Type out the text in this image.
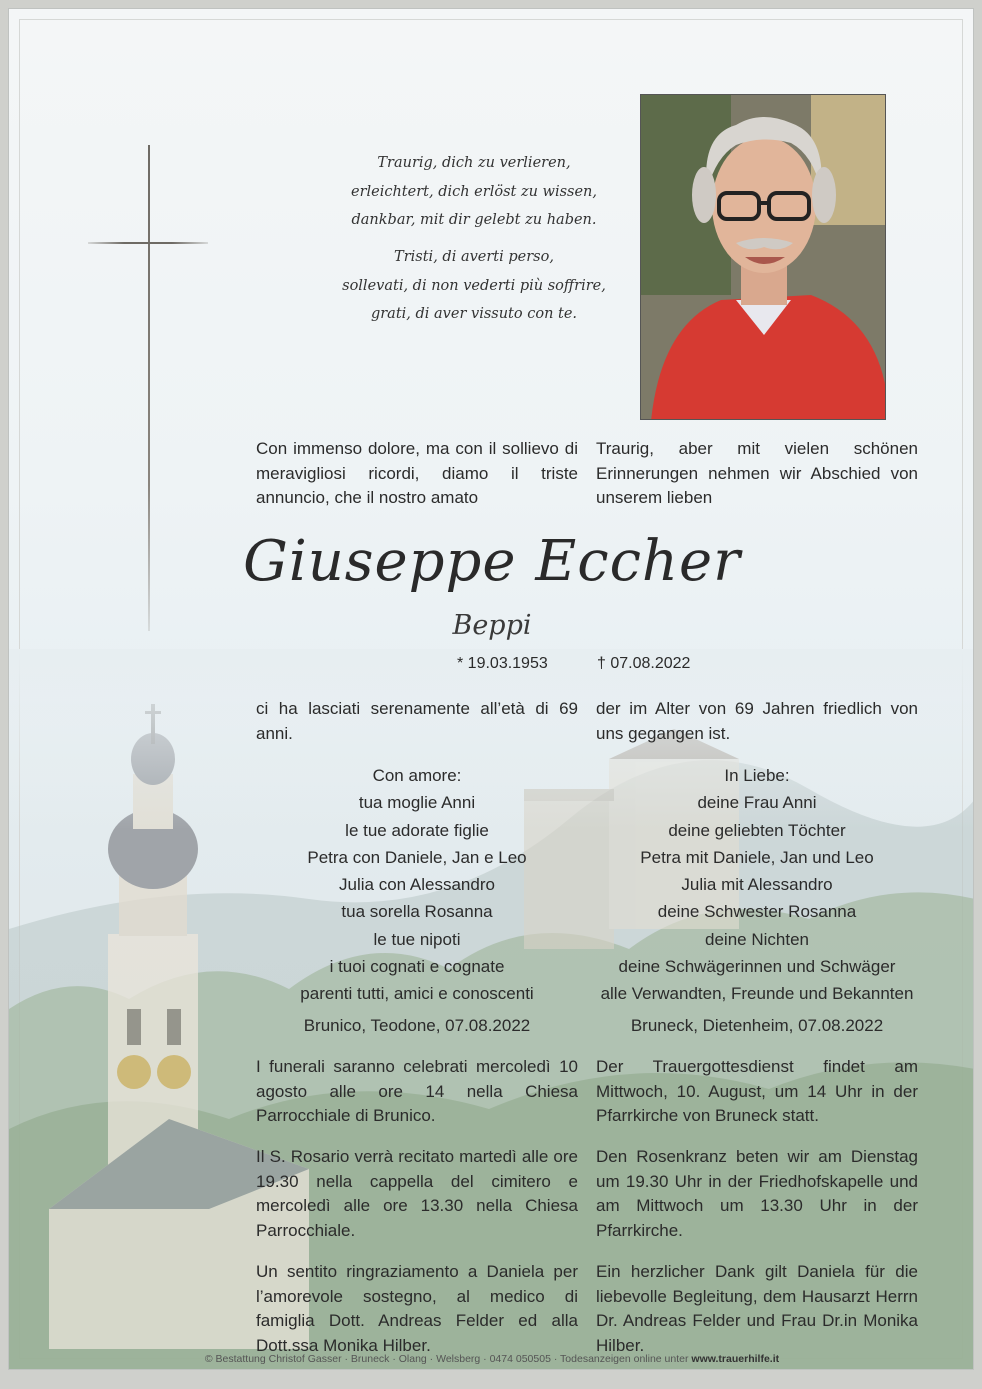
Traurig, dich zu verlieren,
erleichtert, dich erlöst zu wissen,
dankbar, mit dir gelebt zu haben.
Tristi, di averti perso,
sollevati, di non vederti più soffrire,
grati, di aver vissuto con te.
Con immenso dolore, ma con il sollievo di meravigliosi ricordi, diamo il triste annuncio, che il nostro amato
Traurig, aber mit vielen schönen Erinnerungen nehmen wir Abschied von unserem lieben
Giuseppe Eccher
Beppi
* 19.03.1953	† 07.08.2022
ci ha lasciati serenamente all’età di 69 anni.
der im Alter von 69 Jahren friedlich von uns gegangen ist.
Con amore:
tua moglie Anni
le tue adorate figlie
Petra con Daniele, Jan e Leo
Julia con Alessandro
tua sorella Rosanna
le tue nipoti
i tuoi cognati e cognate
parenti tutti, amici e conoscenti
In Liebe:
deine Frau Anni
deine geliebten Töchter
Petra mit Daniele, Jan und Leo
Julia mit Alessandro
deine Schwester Rosanna
deine Nichten
deine Schwägerinnen und Schwäger
alle Verwandten, Freunde und Bekannten
Brunico, Teodone, 07.08.2022	Bruneck, Dietenheim, 07.08.2022
I funerali saranno celebrati mercoledì 10 agosto alle ore 14 nella Chiesa Parrocchiale di Brunico.
Der Trauergottesdienst findet am Mittwoch, 10. August, um 14 Uhr in der Pfarrkirche von Bruneck statt.
Il S. Rosario verrà recitato martedì alle ore 19.30 nella cappella del cimitero e mercoledì alle ore 13.30 nella Chiesa Parrocchiale.
Den Rosenkranz beten wir am Dienstag um 19.30 Uhr in der Friedhofskapelle und am Mittwoch um 13.30 Uhr in der Pfarrkirche.
Un sentito ringraziamento a Daniela per l’amorevole sostegno, al medico di famiglia Dott. Andreas Felder ed alla Dott.ssa Monika Hilber.
Ein herzlicher Dank gilt Daniela für die liebevolle Begleitung, dem Hausarzt Herrn Dr. Andreas Felder und Frau Dr.in Monika Hilber.
© Bestattung Christof Gasser · Bruneck · Olang · Welsberg · 0474 050505 · Todesanzeigen online unter www.trauerhilfe.it
